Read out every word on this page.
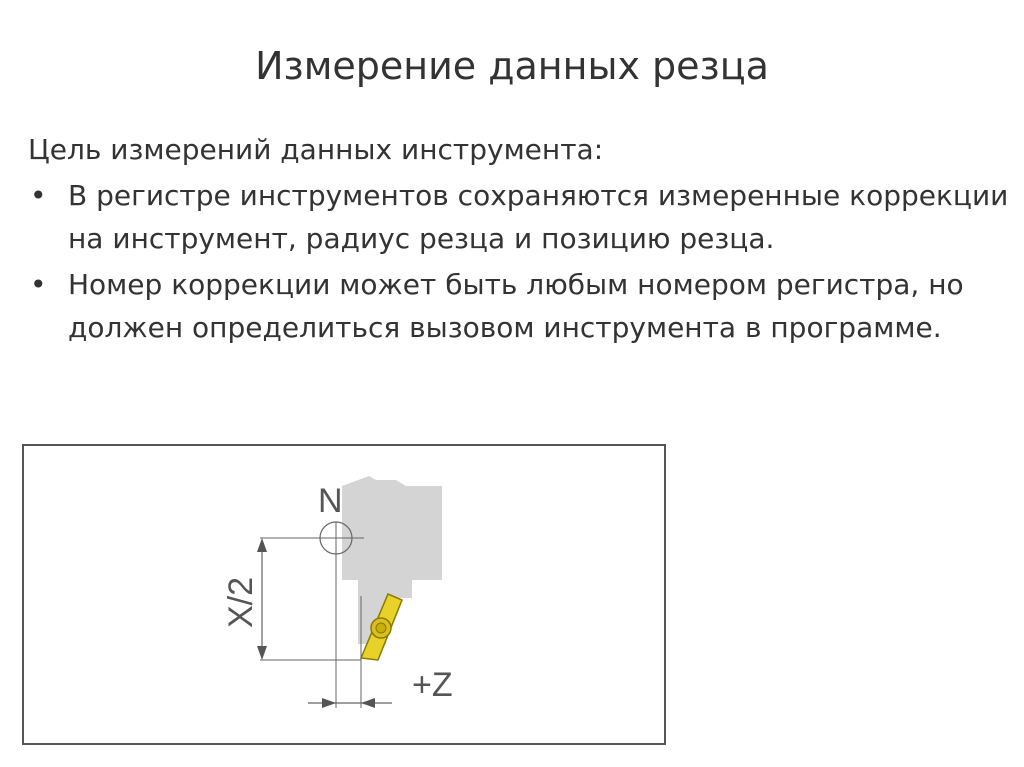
Измерение данных резца

Цель измерений данных инструмента:

• В регистре инструментов сохраняются измеренные коррекции на инструмент, радиус резца и позицию резца.
• Номер коррекции может быть любым номером регистра, но должен определиться вызовом инструмента в программе.
N
X/2
+Z
